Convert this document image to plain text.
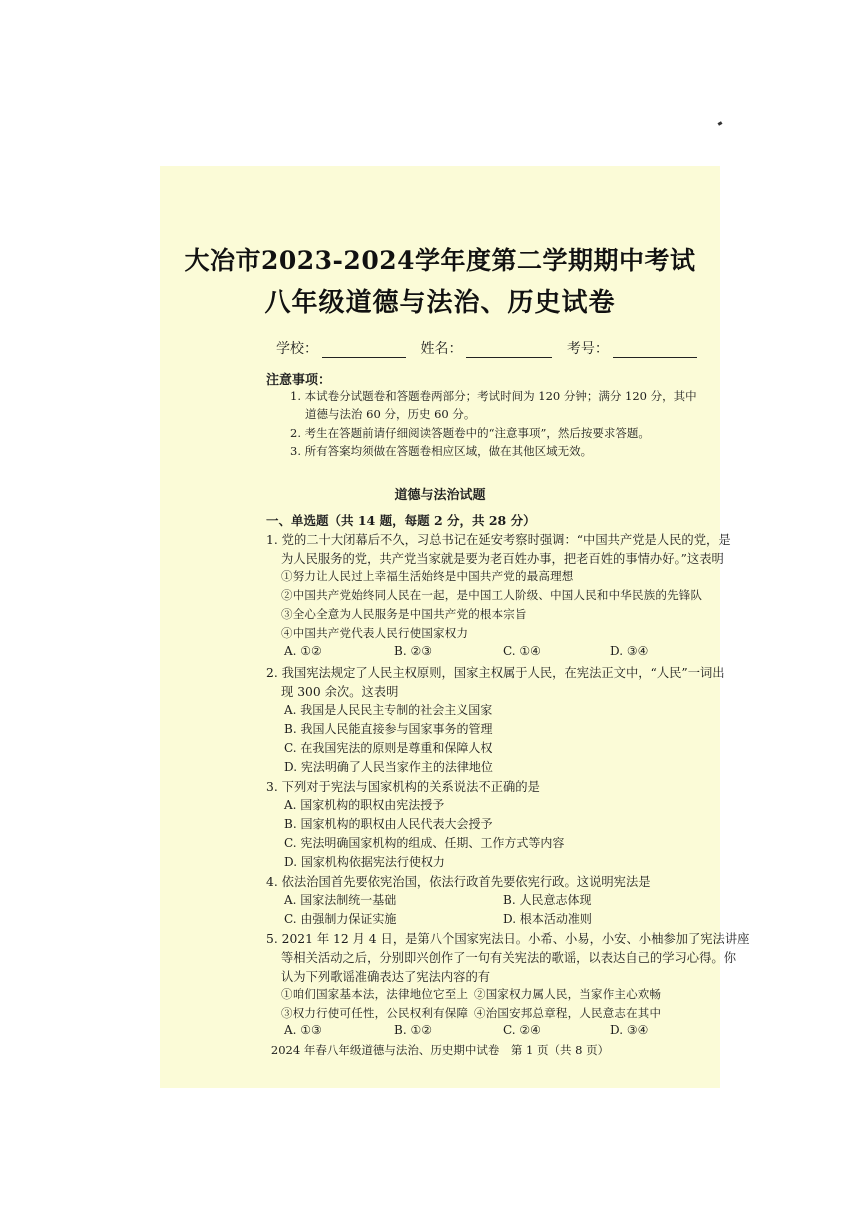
大冶市2023-2024学年度第二学期期中考试
八年级道德与法治、历史试卷
学校：	姓名：	考号：
注意事项：
1. 本试卷分试题卷和答题卷两部分；考试时间为 120 分钟；满分 120 分，其中
道德与法治 60 分，历史 60 分。
2. 考生在答题前请仔细阅读答题卷中的“注意事项”，然后按要求答题。
3. 所有答案均须做在答题卷相应区域，做在其他区域无效。
道德与法治试题
一、单选题（共 14 题，每题 2 分，共 28 分）
1. 党的二十大闭幕后不久，习总书记在延安考察时强调：“中国共产党是人民的党，是
为人民服务的党，共产党当家就是要为老百姓办事，把老百姓的事情办好。”这表明
①努力让人民过上幸福生活始终是中国共产党的最高理想
②中国共产党始终同人民在一起，是中国工人阶级、中国人民和中华民族的先锋队
③全心全意为人民服务是中国共产党的根本宗旨
④中国共产党代表人民行使国家权力
A. ①②	B. ②③	C. ①④	D. ③④
2. 我国宪法规定了人民主权原则，国家主权属于人民，在宪法正文中，“人民”一词出
现 300 余次。这表明
A. 我国是人民民主专制的社会主义国家
B. 我国人民能直接参与国家事务的管理
C. 在我国宪法的原则是尊重和保障人权
D. 宪法明确了人民当家作主的法律地位
3. 下列对于宪法与国家机构的关系说法不正确的是
A. 国家机构的职权由宪法授予
B. 国家机构的职权由人民代表大会授予
C. 宪法明确国家机构的组成、任期、工作方式等内容
D. 国家机构依据宪法行使权力
4. 依法治国首先要依宪治国，依法行政首先要依宪行政。这说明宪法是
A. 国家法制统一基础	B. 人民意志体现
C. 由强制力保证实施	D. 根本活动准则
5. 2021 年 12 月 4 日，是第八个国家宪法日。小希、小易，小安、小柚参加了宪法讲座
等相关活动之后，分别即兴创作了一句有关宪法的歌谣，以表达自己的学习心得。你
认为下列歌谣准确表达了宪法内容的有
①咱们国家基本法，法律地位它至上 ②国家权力属人民，当家作主心欢畅
③权力行使可任性，公民权利有保障 ④治国安邦总章程，人民意志在其中
A. ①③	B. ①②	C. ②④	D. ③④
2024 年春八年级道德与法治、历史期中试卷　第 1 页（共 8 页）
